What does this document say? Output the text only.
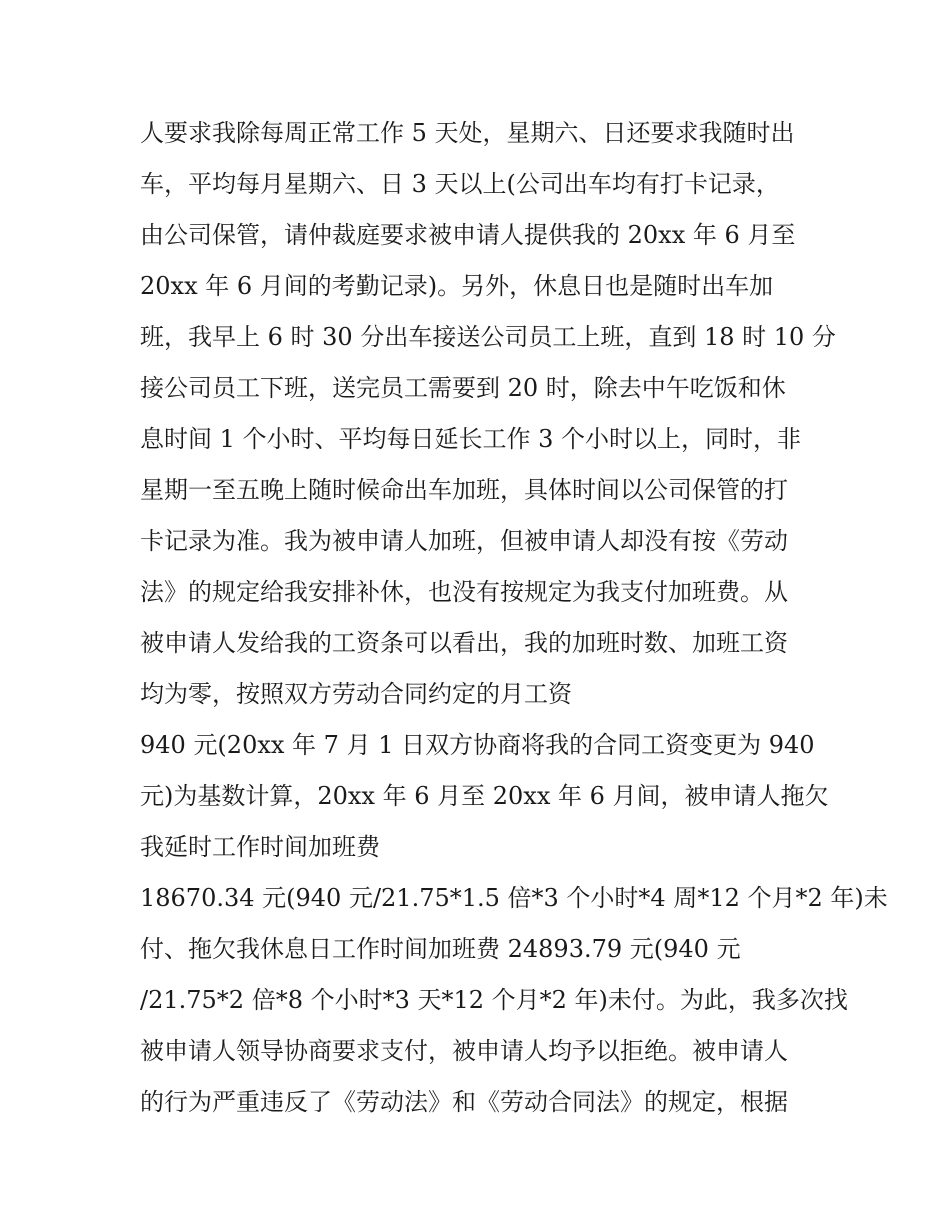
人要求我除每周正常工作 5 天处，星期六、日还要求我随时出
车，平均每月星期六、日 3 天以上(公司出车均有打卡记录，
由公司保管，请仲裁庭要求被申请人提供我的 20xx 年 6 月至
20xx 年 6 月间的考勤记录)。另外，休息日也是随时出车加
班，我早上 6 时 30 分出车接送公司员工上班，直到 18 时 10 分
接公司员工下班，送完员工需要到 20 时，除去中午吃饭和休
息时间 1 个小时、平均每日延长工作 3 个小时以上，同时，非
星期一至五晚上随时候命出车加班，具体时间以公司保管的打
卡记录为准。我为被申请人加班，但被申请人却没有按《劳动
法》的规定给我安排补休，也没有按规定为我支付加班费。从
被申请人发给我的工资条可以看出，我的加班时数、加班工资
均为零，按照双方劳动合同约定的月工资
940 元(20xx 年 7 月 1 日双方协商将我的合同工资变更为 940
元)为基数计算，20xx 年 6 月至 20xx 年 6 月间，被申请人拖欠
我延时工作时间加班费
18670.34 元(940 元/21.75*1.5 倍*3 个小时*4 周*12 个月*2 年)未
付、拖欠我休息日工作时间加班费 24893.79 元(940 元
/21.75*2 倍*8 个小时*3 天*12 个月*2 年)未付。为此，我多次找
被申请人领导协商要求支付，被申请人均予以拒绝。被申请人
的行为严重违反了《劳动法》和《劳动合同法》的规定，根据
